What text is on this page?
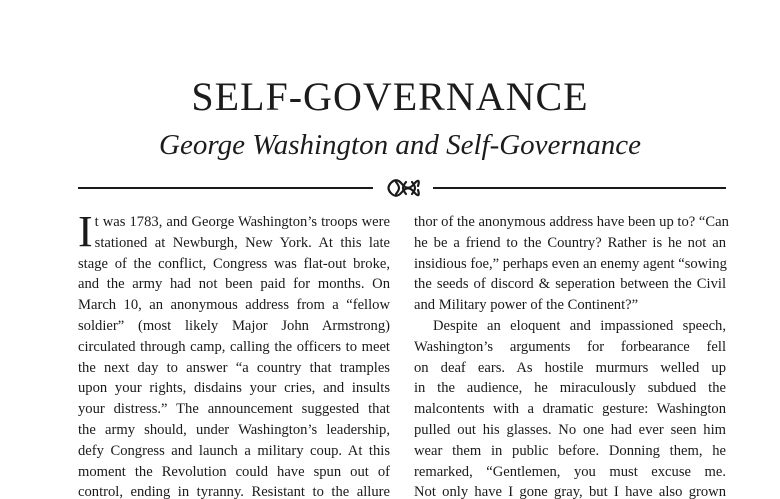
SELF-GOVERNANCE
George Washington and Self-Governance
I t was 1783, and George Washington’s troops were
stationed at Newburgh, New York. At this late
stage of the conflict, Congress was flat-out broke,
and the army had not been paid for months. On
March 10, an anonymous address from a “fellow
soldier” (most likely Major John Armstrong)
circulated through camp, calling the officers to meet
the next day to answer “a country that tramples
upon your rights, disdains your cries, and insults
your distress.” The announcement suggested that
the army should, under Washington’s leadership,
defy Congress and launch a military coup. At this
moment the Revolution could have spun out of
control, ending in tyranny. Resistant to the allure
thor of the anonymous address have been up to? “Can
he be a friend to the Country? Rather is he not an
insidious foe,” perhaps even an enemy agent “sowing
the seeds of discord & seperation between the Civil
and Military power of the Continent?”
Despite an eloquent and impassioned speech,
Washington’s arguments for forbearance fell
on deaf ears. As hostile murmurs welled up
in the audience, he miraculously subdued the
malcontents with a dramatic gesture: Washington
pulled out his glasses. No one had ever seen him
wear them in public before. Donning them, he
remarked, “Gentlemen, you must excuse me.
Not only have I gone gray, but I have also grown
